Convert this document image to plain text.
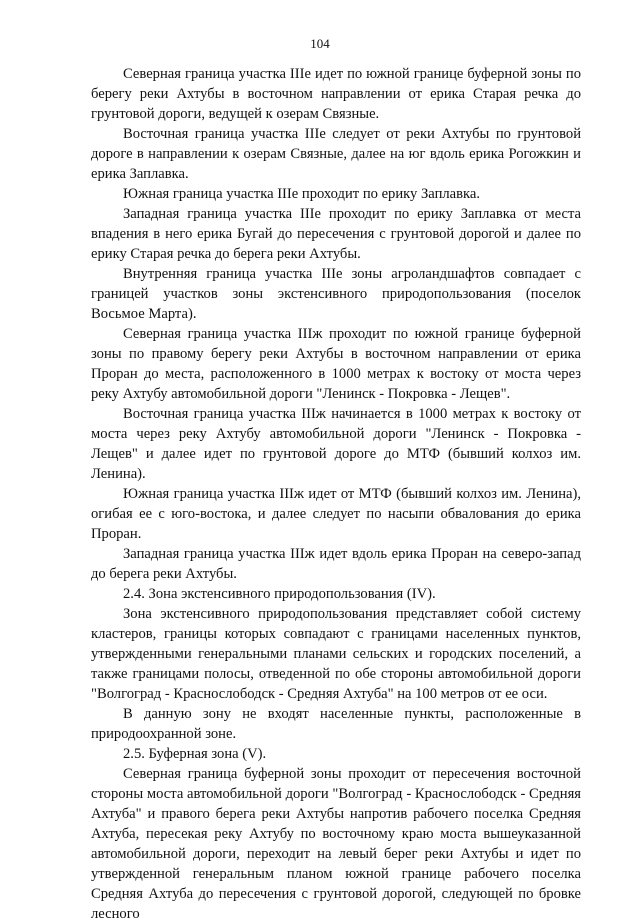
104

Северная граница участка IIIe идет по южной границе буферной зоны по берегу реки Ахтубы в восточном направлении от ерика Старая речка до грунтовой дороги, ведущей к озерам Связные.

Восточная граница участка IIIe следует от реки Ахтубы по грунтовой дороге в направлении к озерам Связные, далее на юг вдоль ерика Рогожкин и ерика Заплавка.

Южная граница участка IIIe проходит по ерику Заплавка.

Западная граница участка IIIe проходит по ерику Заплавка от места впадения в него ерика Бугай до пересечения с грунтовой дорогой и далее по ерику Старая речка до берега реки Ахтубы.

Внутренняя граница участка IIIe зоны агроландшафтов совпадает с границей участков зоны экстенсивного природопользования (поселок Восьмое Марта).

Северная граница участка IIIж проходит по южной границе буферной зоны по правому берегу реки Ахтубы в восточном направлении от ерика Проран до места, расположенного в 1000 метрах к востоку от моста через реку Ахтубу автомобильной дороги "Ленинск - Покровка - Лещев".

Восточная граница участка IIIж начинается в 1000 метрах к востоку от моста через реку Ахтубу автомобильной дороги "Ленинск - Покровка - Лещев" и далее идет по грунтовой дороге до МТФ (бывший колхоз им. Ленина).

Южная граница участка IIIж идет от МТФ (бывший колхоз им. Ленина), огибая ее с юго-востока, и далее следует по насыпи обвалования до ерика Проран.

Западная граница участка IIIж идет вдоль ерика Проран на северо-запад до берега реки Ахтубы.

2.4. Зона экстенсивного природопользования (IV).

Зона экстенсивного природопользования представляет собой систему кластеров, границы которых совпадают с границами населенных пунктов, утвержденными генеральными планами сельских и городских поселений, а также границами полосы, отведенной по обе стороны автомобильной дороги "Волгоград - Краснослободск - Средняя Ахтуба" на 100 метров от ее оси.

В данную зону не входят населенные пункты, расположенные в природоохранной зоне.

2.5. Буферная зона (V).

Северная граница буферной зоны проходит от пересечения восточной стороны моста автомобильной дороги "Волгоград - Краснослободск - Средняя Ахтуба" и правого берега реки Ахтубы напротив рабочего поселка Средняя Ахтуба, пересекая реку Ахтубу по восточному краю моста вышеуказанной автомобильной дороги, переходит на левый берег реки Ахтубы и идет по утвержденной генеральным планом южной границе рабочего поселка Средняя Ахтуба до пересечения с грунтовой дорогой, следующей по бровке лесного
